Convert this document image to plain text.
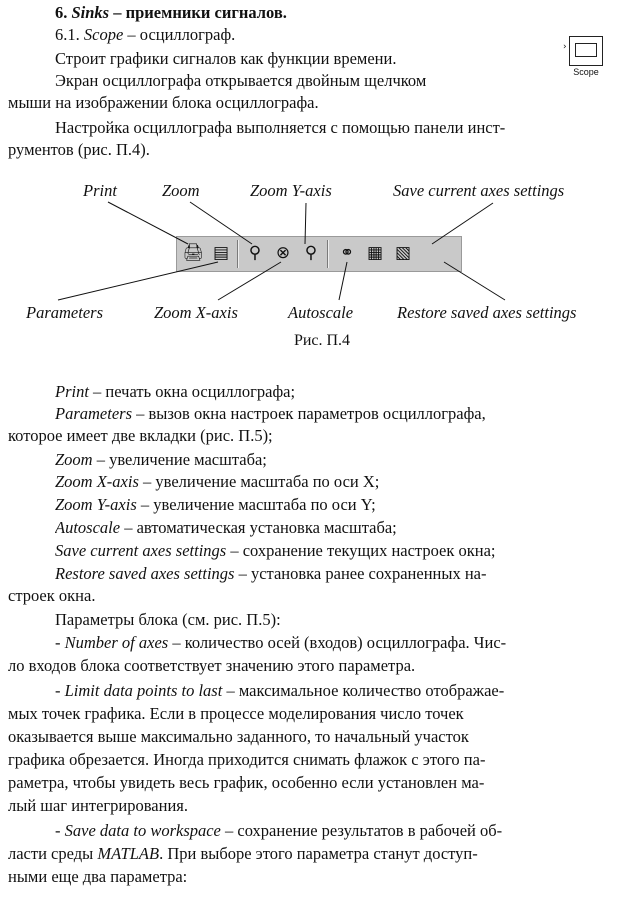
6. Sinks – приемники сигналов.
6.1. Scope – осциллограф.
›
Scope
Строит графики сигналов как функции времени.
Экран осциллографа открывается двойным щелчком
мыши на изображении блока осциллографа.
Настройка осциллографа выполняется с помощью панели инст-
рументов (рис. П.4).
Print	Zoom	Zoom Y-axis	Save current axes settings
🖨 ▤	⚲ ⊗ ⚲	⚭ ▦ ▧
Parameters	Zoom X-axis	Autoscale	Restore saved axes settings
Рис. П.4
Print – печать окна осциллографа;
Parameters – вызов окна настроек параметров осциллографа,
которое имеет две вкладки (рис. П.5);
Zoom – увеличение масштаба;
Zoom X-axis – увеличение масштаба по оси X;
Zoom Y-axis – увеличение масштаба по оси Y;
Autoscale – автоматическая установка масштаба;
Save current axes settings – сохранение текущих настроек окна;
Restore saved axes settings – установка ранее сохраненных на-
строек окна.
Параметры блока (см. рис. П.5):
- Number of axes – количество осей (входов) осциллографа. Чис-
ло входов блока соответствует значению этого параметра.
- Limit data points to last – максимальное количество отображае-
мых точек графика. Если в процессе моделирования число точек
оказывается выше максимально заданного, то начальный участок
графика обрезается. Иногда приходится снимать флажок с этого па-
раметра, чтобы увидеть весь график, особенно если установлен ма-
лый шаг интегрирования.
- Save data to workspace – сохранение результатов в рабочей об-
ласти среды MATLAB. При выборе этого параметра станут доступ-
ными еще два параметра:
